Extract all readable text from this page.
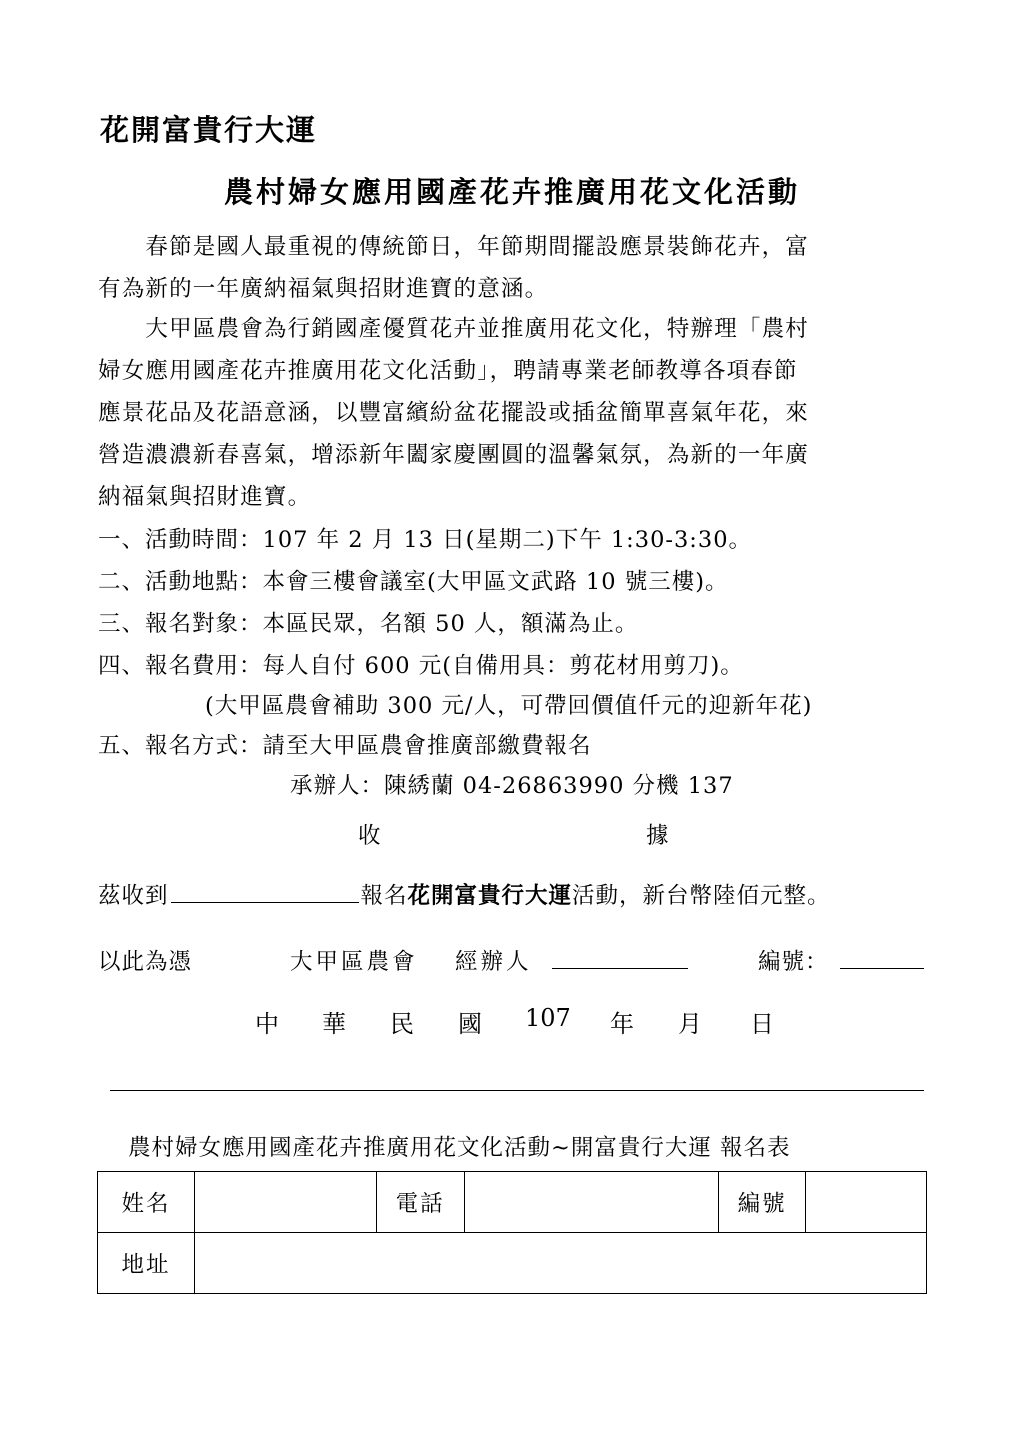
花開富貴行大運
農村婦女應用國產花卉推廣用花文化活動
　　春節是國人最重視的傳統節日，年節期間擺設應景裝飾花卉，富
有為新的一年廣納福氣與招財進寶的意涵。
　　大甲區農會為行銷國產優質花卉並推廣用花文化，特辦理「農村
婦女應用國產花卉推廣用花文化活動」，聘請專業老師教導各項春節
應景花品及花語意涵，以豐富繽紛盆花擺設或插盆簡單喜氣年花，來
營造濃濃新春喜氣，增添新年闔家慶團圓的溫馨氣氛，為新的一年廣
納福氣與招財進寶。
一、活動時間：107 年 2 月 13 日(星期二)下午 1:30-3:30。
二、活動地點：本會三樓會議室(大甲區文武路 10 號三樓)。
三、報名對象：本區民眾，名額 50 人，額滿為止。
四、報名費用：每人自付 600 元(自備用具：剪花材用剪刀)。
(大甲區農會補助 300 元/人，可帶回價值仟元的迎新年花)
五、報名方式：請至大甲區農會推廣部繳費報名
承辦人：陳綉蘭 04-26863990 分機 137
收	據
茲收到	報名花開富貴行大運活動，新台幣陸佰元整。
以此為憑	大甲區農會 經辦人	編號：
中 華 民 國 107 年 月 日
農村婦女應用國產花卉推廣用花文化活動~開富貴行大運 報名表
姓名		電話		編號	
地址					
